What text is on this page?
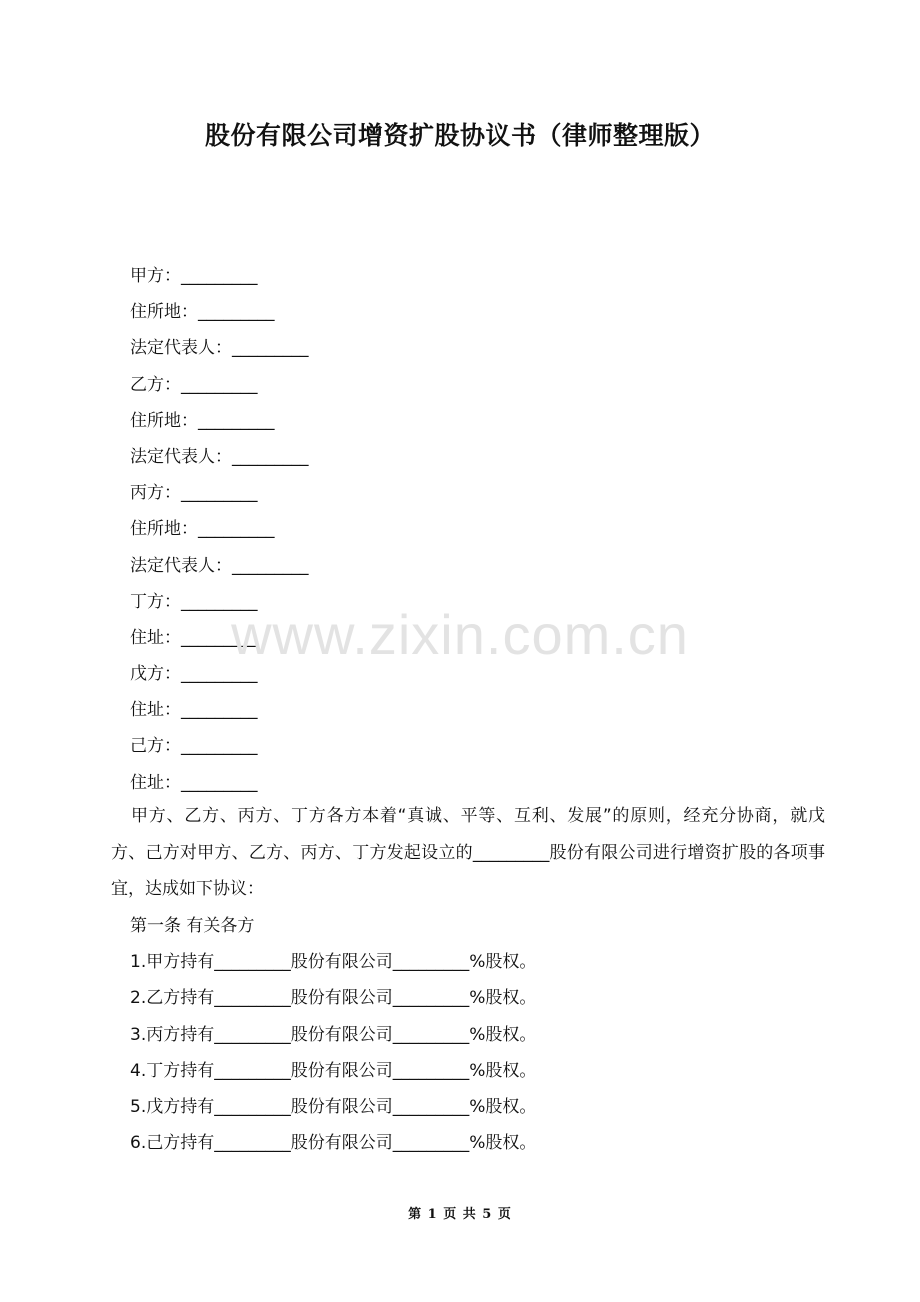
股份有限公司增资扩股协议书（律师整理版）
甲方：_________
住所地：_________
法定代表人：_________
乙方：_________
住所地：_________
法定代表人：_________
丙方：_________
住所地：_________
法定代表人：_________
丁方：_________
住址：_________
戊方：_________
住址：_________
己方：_________
住址：_________
www.zixin.com.cn
甲方、乙方、丙方、丁方各方本着“真诚、平等、互利、发展”的原则，经充分协商，就戊方、己方对甲方、乙方、丙方、丁方发起设立的_________股份有限公司进行增资扩股的各项事宜，达成如下协议：
第一条 有关各方
1.甲方持有_________股份有限公司_________%股权。
2.乙方持有_________股份有限公司_________%股权。
3.丙方持有_________股份有限公司_________%股权。
4.丁方持有_________股份有限公司_________%股权。
5.戊方持有_________股份有限公司_________%股权。
6.己方持有_________股份有限公司_________%股权。
第 1 页 共 5 页
